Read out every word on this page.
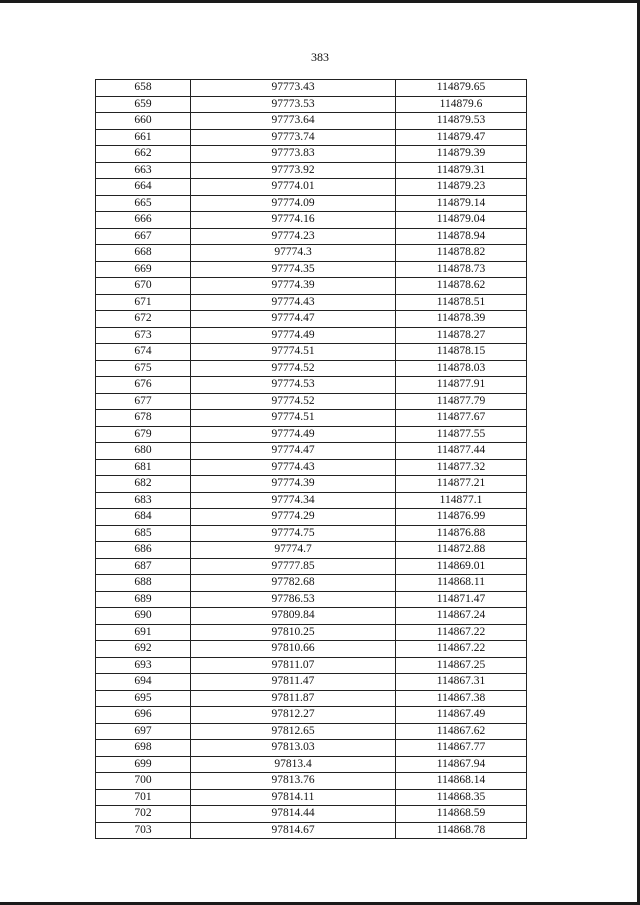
383
658	97773.43	114879.65
659	97773.53	114879.6
660	97773.64	114879.53
661	97773.74	114879.47
662	97773.83	114879.39
663	97773.92	114879.31
664	97774.01	114879.23
665	97774.09	114879.14
666	97774.16	114879.04
667	97774.23	114878.94
668	97774.3	114878.82
669	97774.35	114878.73
670	97774.39	114878.62
671	97774.43	114878.51
672	97774.47	114878.39
673	97774.49	114878.27
674	97774.51	114878.15
675	97774.52	114878.03
676	97774.53	114877.91
677	97774.52	114877.79
678	97774.51	114877.67
679	97774.49	114877.55
680	97774.47	114877.44
681	97774.43	114877.32
682	97774.39	114877.21
683	97774.34	114877.1
684	97774.29	114876.99
685	97774.75	114876.88
686	97774.7	114872.88
687	97777.85	114869.01
688	97782.68	114868.11
689	97786.53	114871.47
690	97809.84	114867.24
691	97810.25	114867.22
692	97810.66	114867.22
693	97811.07	114867.25
694	97811.47	114867.31
695	97811.87	114867.38
696	97812.27	114867.49
697	97812.65	114867.62
698	97813.03	114867.77
699	97813.4	114867.94
700	97813.76	114868.14
701	97814.11	114868.35
702	97814.44	114868.59
703	97814.67	114868.78
